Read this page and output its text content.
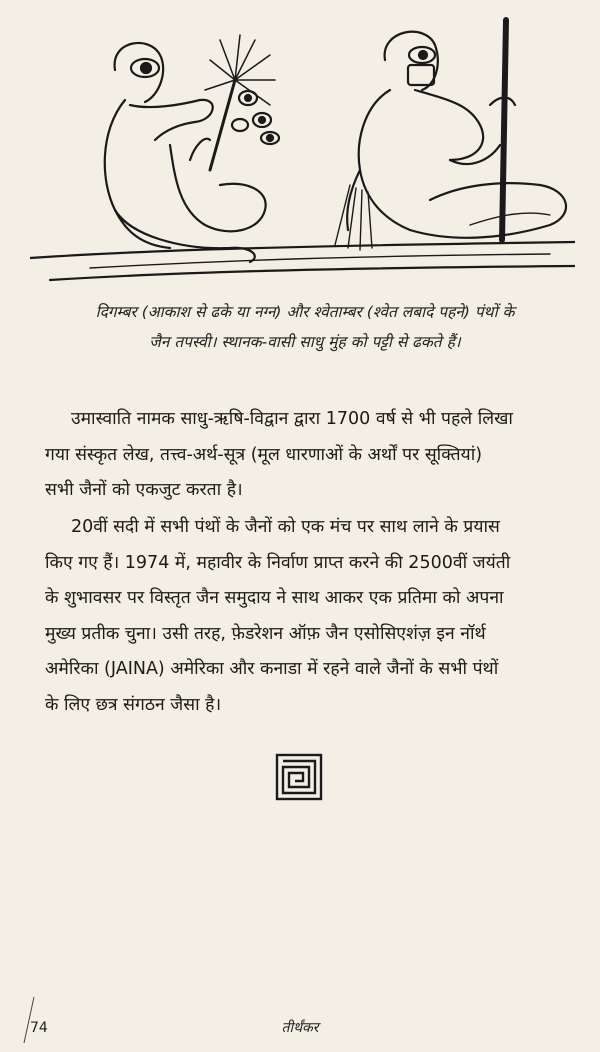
दिगम्बर (आकाश से ढके या नग्न) और श्वेताम्बर (श्वेत लबादे पहने) पंथों के
जैन तपस्वी। स्थानक-वासी साधु मुंह को पट्टी से ढकते हैं।
उमास्वाति नामक साधु-ऋषि-विद्वान द्वारा 1700 वर्ष से भी पहले लिखा
गया संस्कृत लेख, तत्त्व-अर्थ-सूत्र (मूल धारणाओं के अर्थों पर सूक्तियां)
सभी जैनों को एकजुट करता है।
20वीं सदी में सभी पंथों के जैनों को एक मंच पर साथ लाने के प्रयास
किए गए हैं। 1974 में, महावीर के निर्वाण प्राप्त करने की 2500वीं जयंती
के शुभावसर पर विस्तृत जैन समुदाय ने साथ आकर एक प्रतिमा को अपना
मुख्य प्रतीक चुना। उसी तरह, फ़ेडरेशन ऑफ़ जैन एसोसिएशंज़ इन नॉर्थ
अमेरिका (JAINA) अमेरिका और कनाडा में रहने वाले जैनों के सभी पंथों
के लिए छत्र संगठन जैसा है।
74	तीर्थंकर
